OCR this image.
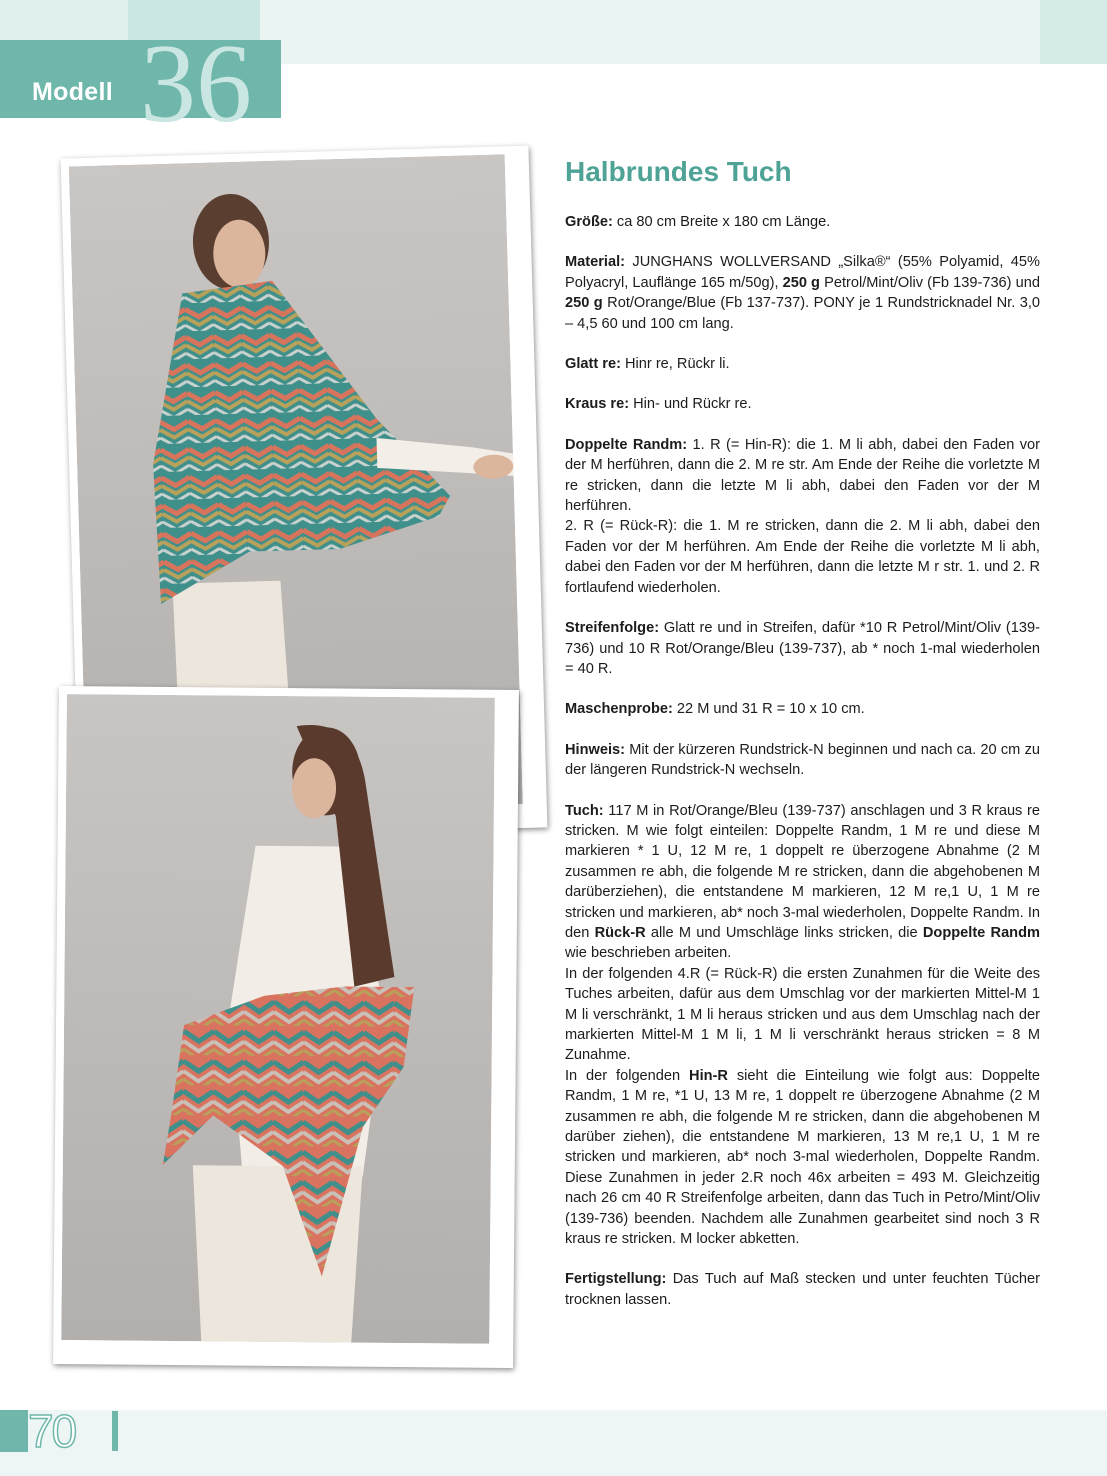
36
Modell
Halbrundes Tuch
Größe: ca 80 cm Breite x 180 cm Länge.
Material: JUNGHANS WOLLVERSAND „Silka®“ (55% Polyamid, 45% Polyacryl, Lauflänge 165 m/50g), 250 g Petrol/Mint/Oliv (Fb 139-736) und 250 g Rot/Orange/Blue (Fb 137-737). PONY je 1 Rundstricknadel Nr. 3,0 – 4,5 60 und 100 cm lang.
Glatt re: Hinr re, Rückr li.
Kraus re: Hin- und Rückr re.

Doppelte Randm: 1. R (= Hin-R): die 1. M li abh, dabei den Faden vor der M herführen, dann die 2. M re str. Am Ende der Reihe die vorletzte M re stricken, dann die letzte M li abh, dabei den Faden vor der M herführen.

2. R (= Rück-R): die 1. M re stricken, dann die 2. M li abh, dabei den Faden vor der M herführen. Am Ende der Reihe die vorletzte M li abh, dabei den Faden vor der M herführen, dann die letzte M r str. 1. und 2. R fortlaufend wiederholen.

Streifenfolge: Glatt re und in Streifen, dafür *10 R Petrol/Mint/Oliv (139-736) und 10 R Rot/Orange/Bleu (139-737), ab * noch 1-mal wiederholen = 40 R.
Maschenprobe: 22 M und 31 R = 10 x 10 cm.
Hinweis: Mit der kürzeren Rundstrick-N beginnen und nach ca. 20 cm zu der längeren Rundstrick-N wechseln.

Tuch: 117 M in Rot/Orange/Bleu (139-737) anschlagen und 3 R kraus re stricken. M wie folgt einteilen: Doppelte Randm, 1 M re und diese M markieren * 1 U, 12 M re, 1 doppelt re überzogene Abnahme (2 M zusammen re abh, die folgende M re stricken, dann die abgehobenen M darüberziehen), die entstandene M markieren, 12 M re,1 U, 1 M re stricken und markieren, ab* noch 3-mal wiederholen, Doppelte Randm. In den Rück-R alle M und Umschläge links stricken, die Doppelte Randm wie beschrieben arbeiten.

In der folgenden 4.R (= Rück-R) die ersten Zunahmen für die Weite des Tuches arbeiten, dafür aus dem Umschlag vor der markierten Mittel-M 1 M li verschränkt, 1 M li heraus stricken und aus dem Umschlag nach der markierten Mittel-M 1 M li, 1 M li verschränkt heraus stricken = 8 M Zunahme.

In der folgenden Hin-R sieht die Einteilung wie folgt aus: Doppelte Randm, 1 M re, *1 U, 13 M re, 1 doppelt re überzogene Abnahme (2 M zusammen re abh, die folgende M re stricken, dann die abgehobenen M darüber ziehen), die entstandene M markieren, 13 M re,1 U, 1 M re stricken und markieren, ab* noch 3-mal wiederholen, Doppelte Randm. Diese Zunahmen in jeder 2.R noch 46x arbeiten = 493 M. Gleichzeitig nach 26 cm 40 R Streifenfolge arbeiten, dann das Tuch in Petro/Mint/Oliv (139-736) beenden. Nachdem alle Zunahmen gearbeitet sind noch 3 R kraus re stricken. M locker abketten.

Fertigstellung: Das Tuch auf Maß stecken und unter feuchten Tücher trocknen lassen.
70
